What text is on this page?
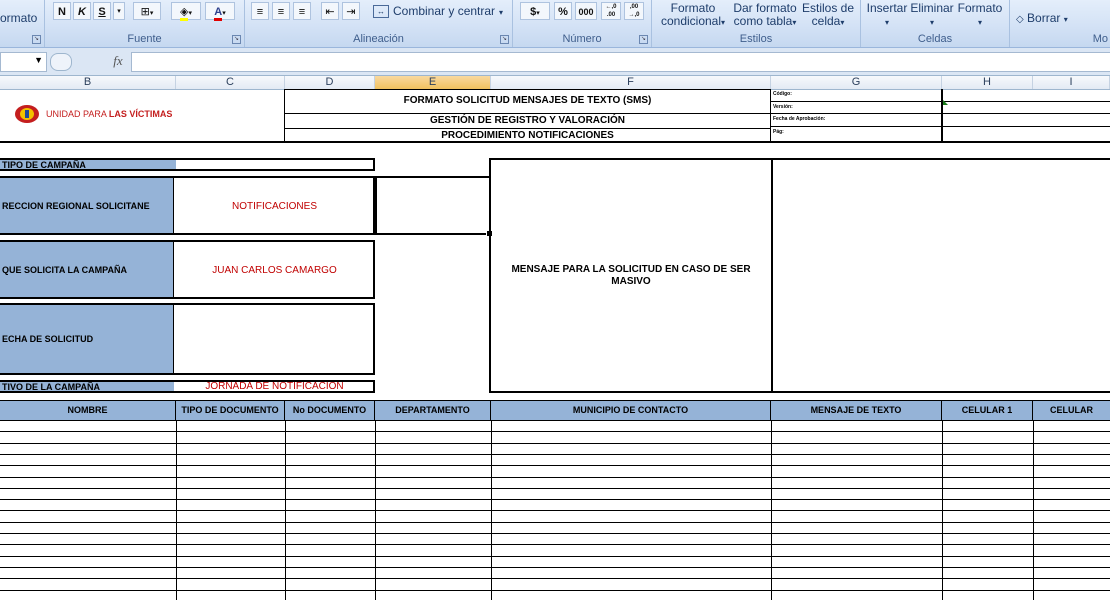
ormato
↘
N	K	S	▾	⊞▾	◈▾	A▾
Fuente	↘
≡	≡	≡	⇤	⇥	↔ Combinar y centrar ▾
Alineación	↘
$▾	%	000	←,0 .00
,00 →,0
Número	↘
Formato condicional▾
Dar formato como tabla▾
Estilos de celda▾
Estilos
Insertar
▾
Eliminar
▾
Formato
▾
Celdas
◇ Borrar ▾
Mo
▼	fx
B	C	D	E	F	G	H	I
UNIDAD PARA LAS VÍCTIMAS
FORMATO SOLICITUD MENSAJES DE TEXTO (SMS)
GESTIÓN DE REGISTRO Y VALORACIÓN
PROCEDIMIENTO NOTIFICACIONES
Código:
Versión:
Fecha de Aprobación:
Pág:
TIPO DE CAMPAÑA
RECCION REGIONAL SOLICITANE	NOTIFICACIONES
QUE SOLICITA LA CAMPAÑA	JUAN CARLOS CAMARGO
ECHA DE SOLICITUD
TIVO DE LA CAMPAÑA	JORNADA DE NOTIFICACION
MENSAJE PARA LA SOLICITUD EN CASO DE SER MASIVO
NOMBRE	TIPO DE DOCUMENTO	No DOCUMENTO	DEPARTAMENTO	MUNICIPIO DE CONTACTO	MENSAJE DE TEXTO	CELULAR 1	CELULAR
